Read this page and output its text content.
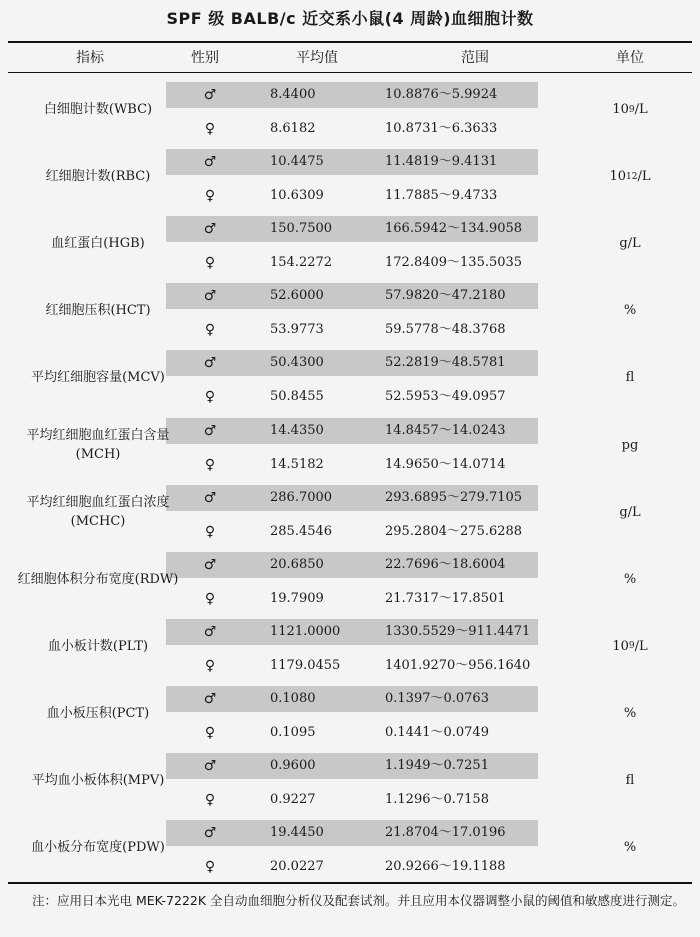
SPF 级 BALB/c 近交系小鼠(4 周龄)血细胞计数
指标	性别	平均值	范围	单位
白细胞计数(WBC)
♂	8.4400	10.8876～5.9924
♀	8.6182	10.8731～6.3633
10 9 /L
红细胞计数(RBC)
♂	10.4475	11.4819～9.4131
♀	10.6309	11.7885～9.4733
10 12 /L
血红蛋白(HGB)
♂	150.7500	166.5942～134.9058
♀	154.2272	172.8409～135.5035
g/L
红细胞压积(HCT)
♂	52.6000	57.9820～47.2180
♀	53.9773	59.5778～48.3768
%
平均红细胞容量(MCV)
♂	50.4300	52.2819～48.5781
♀	50.8455	52.5953～49.0957
fl
平均红细胞血红蛋白含量(MCH)
♂	14.4350	14.8457～14.0243
♀	14.5182	14.9650～14.0714
pg
平均红细胞血红蛋白浓度(MCHC)
♂	286.7000	293.6895～279.7105
♀	285.4546	295.2804～275.6288
g/L
红细胞体积分布宽度(RDW)
♂	20.6850	22.7696～18.6004
♀	19.7909	21.7317～17.8501
%
血小板计数(PLT)
♂	1121.0000	1330.5529～911.4471
♀	1179.0455	1401.9270～956.1640
10 9 /L
血小板压积(PCT)
♂	0.1080	0.1397～0.0763
♀	0.1095	0.1441～0.0749
%
平均血小板体积(MPV)
♂	0.9600	1.1949～0.7251
♀	0.9227	1.1296～0.7158
fl
血小板分布宽度(PDW)
♂	19.4450	21.8704～17.0196
♀	20.0227	20.9266～19.1188
%
注：应用日本光电 MEK-7222K 全自动血细胞分析仪及配套试剂。并且应用本仪器调整小鼠的阈值和敏感度进行测定。
